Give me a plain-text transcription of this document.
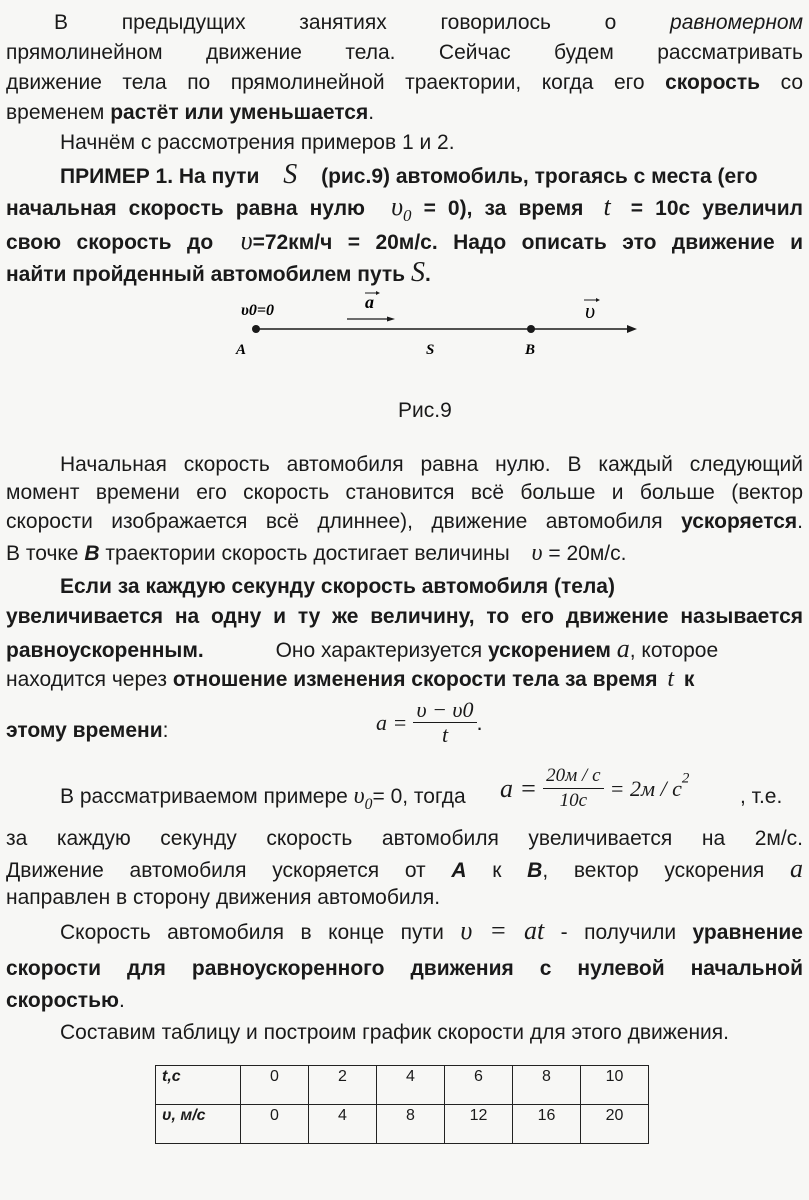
В предыдущих занятиях говорилось о	равномерном
прямолинейном движение тела. Сейчас будем рассматривать
движение тела по прямолинейной траектории, когда его скорость со
временем растёт или уменьшается.
Начнём с рассмотрения примеров 1 и 2.
ПРИМЕР 1. На пути S (рис.9) автомобиль, трогаясь с места (его
начальная скорость равна нулю $\upsilon_0 = 0$), за время t = 10с увеличил
свою скорость до υ=72км/ч = 20м/с. Надо описать это движение и
найти пройденный автомобилем путь S.
υ0=0	a	υ
A	S	B
Рис.9
Начальная скорость автомобиля равна нулю. В каждый следующий
момент времени его скорость становится всё больше и больше (вектор
скорости изображается всё длиннее), движение автомобиля ускоряется.
В точке B траектории скорость достигает величины υ = 20м/с.
Если за каждую секунду скорость автомобиля (тела)
увеличивается на одну и ту же величину, то его движение называется
равноускоренным.	Оно характеризуется ускорением a, которое
находится через отношение изменения скорости тела за время t к
этому времени:	$a = \frac{\upsilon - \upsilon 0}{t}$ .
В рассматриваемом примере $\upsilon_0= 0$, тогда	$a = \frac{20м / с}{10с} = 2м / с^2$
, т.е.
за каждую секунду скорость автомобиля увеличивается на 2м/с.
Движение автомобиля ускоряется от A к B, вектор ускорения a
направлен в сторону движения автомобиля.
Скорость автомобиля в конце пути υ = at - получили уравнение
скорости для равноускоренного движения с нулевой начальной
скоростью.
Составим таблицу и построим график скорости для этого движения.
t,c	0	2	4	6	8	10
υ, м/с	0	4	8	12	16	20
